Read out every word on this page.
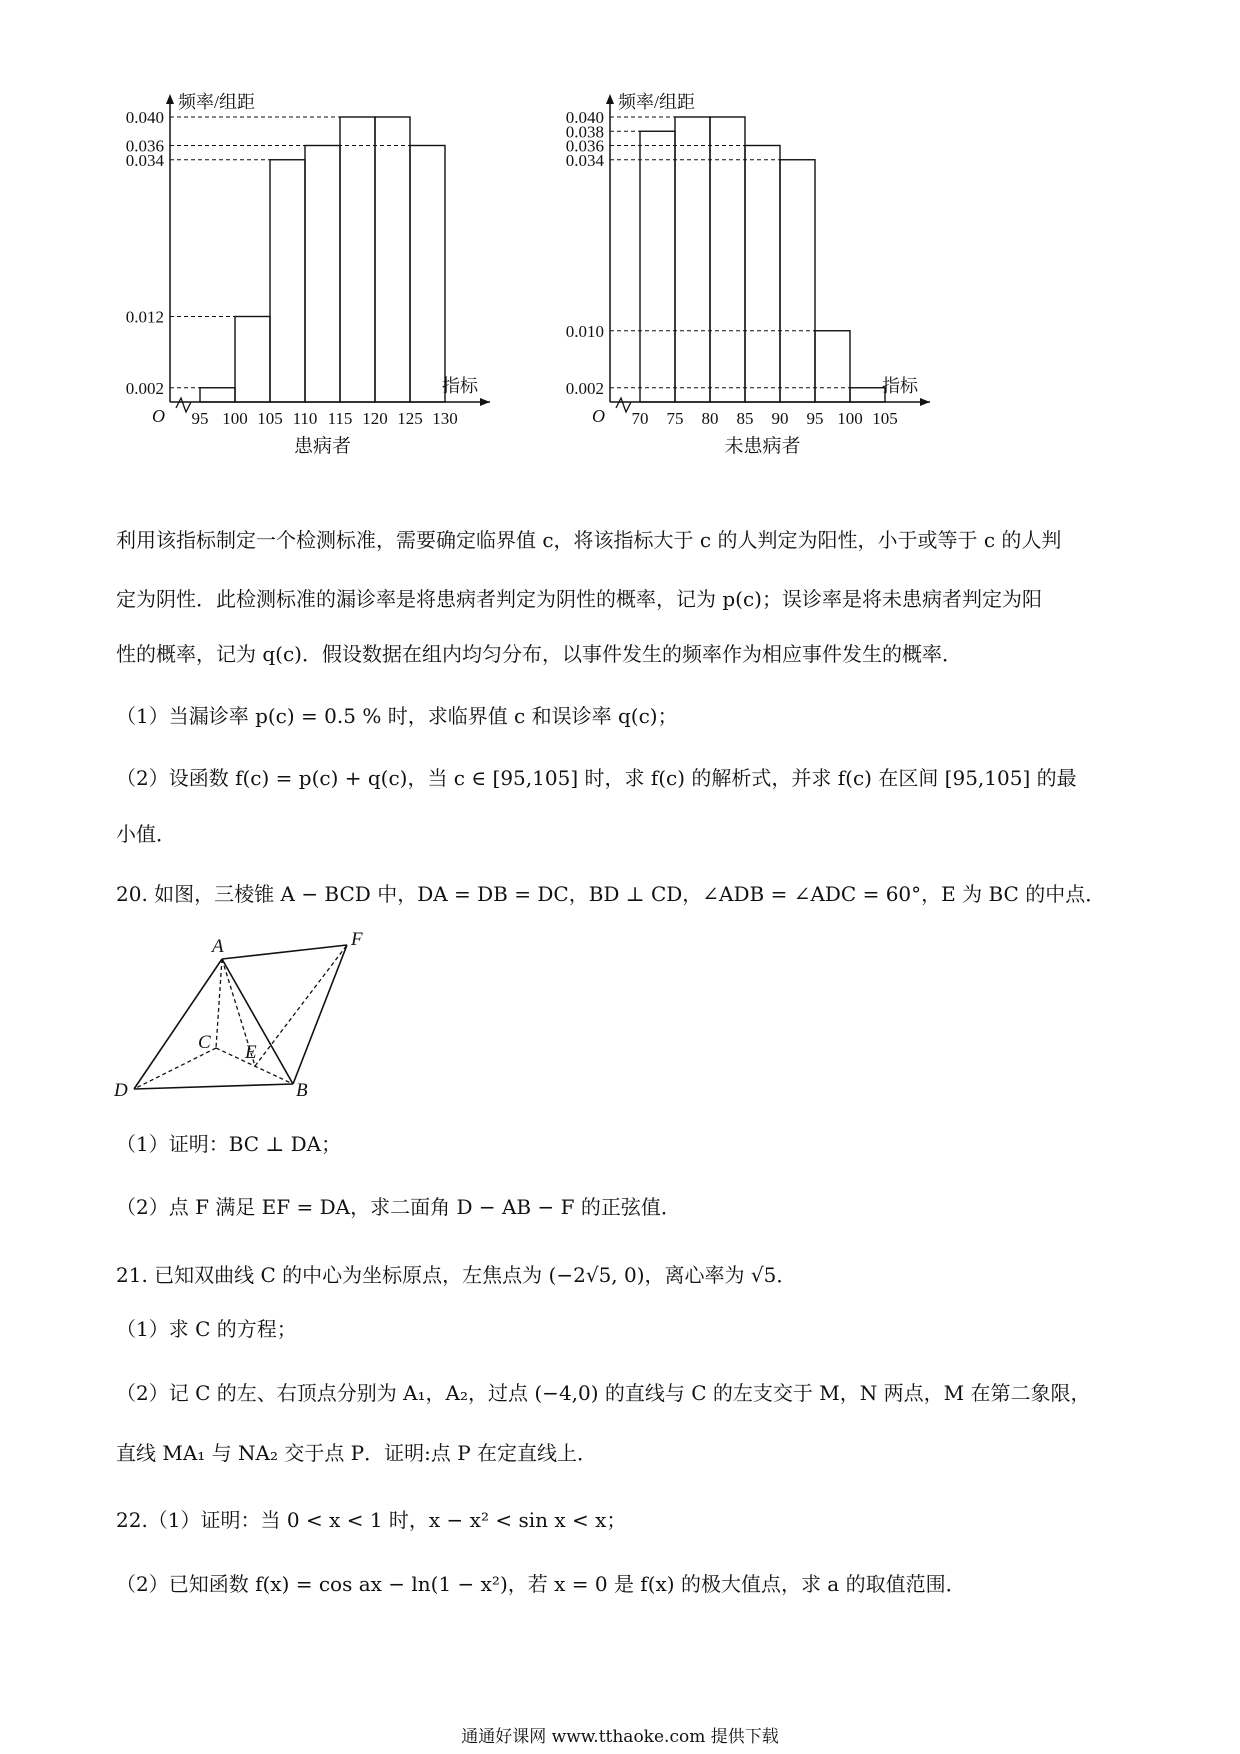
O
频率/组距
指标
0.002
0.012
0.034
0.036
0.040
95 100 105 110 115 120 125 130
患病者
O
频率/组距
指标
0.002
0.010
0.034
0.036
0.038
0.040
70 75 80 85 90 95 100 105
未患病者
利用该指标制定一个检测标准，需要确定临界值 c，将该指标大于 c 的人判定为阳性，小于或等于 c 的人判
定为阴性．此检测标准的漏诊率是将患病者判定为阴性的概率，记为 p(c)；误诊率是将未患病者判定为阳
性的概率，记为 q(c)．假设数据在组内均匀分布，以事件发生的频率作为相应事件发生的概率．
（1）当漏诊率 p(c) = 0.5 % 时，求临界值 c 和误诊率 q(c)；
（2）设函数 f(c) = p(c) + q(c)，当 c ∈ [95,105] 时，求 f(c) 的解析式，并求 f(c) 在区间 [95,105] 的最
小值．
20. 如图，三棱锥 A − BCD 中，DA = DB = DC，BD ⊥ CD，∠ADB = ∠ADC = 60°，E 为 BC 的中点．
A	F
C E
D	B
（1）证明：BC ⊥ DA；
（2）点 F 满足 EF = DA，求二面角 D − AB − F 的正弦值．
21. 已知双曲线 C 的中心为坐标原点，左焦点为 (−2√5, 0)，离心率为 √5．
（1）求 C 的方程；
（2）记 C 的左、右顶点分别为 A₁，A₂，过点 (−4,0) 的直线与 C 的左支交于 M，N 两点，M 在第二象限，
直线 MA₁ 与 NA₂ 交于点 P．证明:点 P 在定直线上．
22.（1）证明：当 0 < x < 1 时，x − x² < sin x < x；
（2）已知函数 f(x) = cos ax − ln(1 − x²)，若 x = 0 是 f(x) 的极大值点，求 a 的取值范围．
通通好课网 www.tthaoke.com 提供下载
